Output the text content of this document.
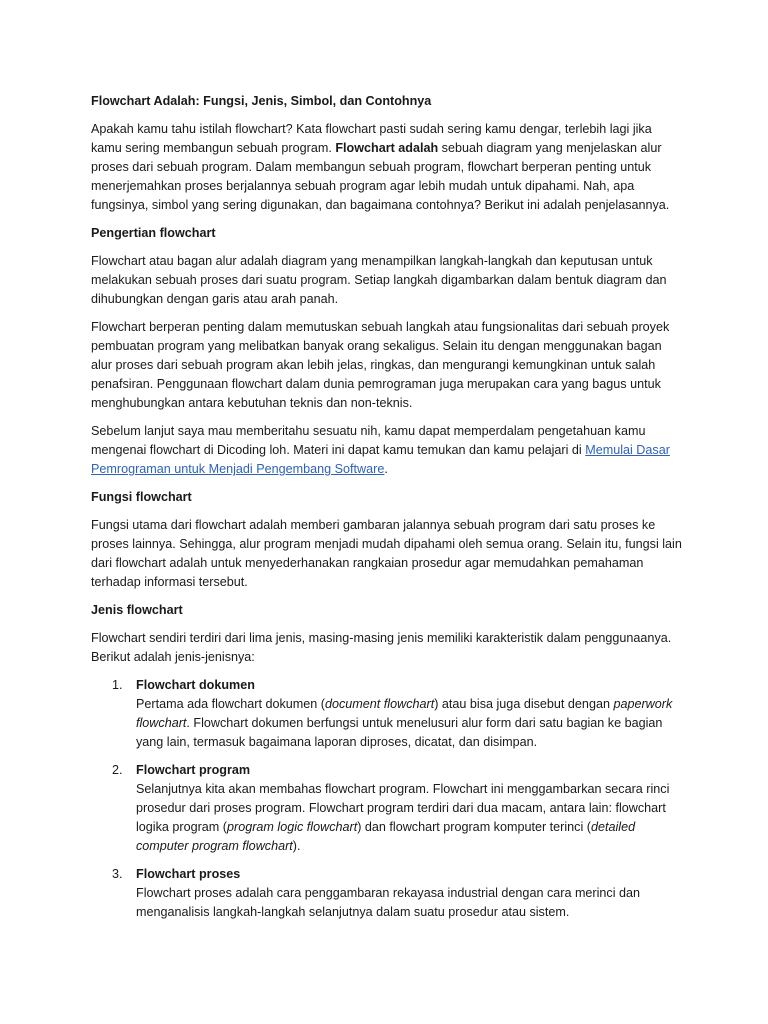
Flowchart Adalah: Fungsi, Jenis, Simbol, dan Contohnya

Apakah kamu tahu istilah flowchart? Kata flowchart pasti sudah sering kamu dengar, terlebih lagi jika kamu sering membangun sebuah program. Flowchart adalah sebuah diagram yang menjelaskan alur proses dari sebuah program. Dalam membangun sebuah program, flowchart berperan penting untuk menerjemahkan proses berjalannya sebuah program agar lebih mudah untuk dipahami. Nah, apa fungsinya, simbol yang sering digunakan, dan bagaimana contohnya? Berikut ini adalah penjelasannya.

Pengertian flowchart

Flowchart atau bagan alur adalah diagram yang menampilkan langkah-langkah dan keputusan untuk melakukan sebuah proses dari suatu program. Setiap langkah digambarkan dalam bentuk diagram dan dihubungkan dengan garis atau arah panah.

Flowchart berperan penting dalam memutuskan sebuah langkah atau fungsionalitas dari sebuah proyek pembuatan program yang melibatkan banyak orang sekaligus. Selain itu dengan menggunakan bagan alur proses dari sebuah program akan lebih jelas, ringkas, dan mengurangi kemungkinan untuk salah penafsiran. Penggunaan flowchart dalam dunia pemrograman juga merupakan cara yang bagus untuk menghubungkan antara kebutuhan teknis dan non-teknis.

Sebelum lanjut saya mau memberitahu sesuatu nih, kamu dapat memperdalam pengetahuan kamu mengenai flowchart di Dicoding loh. Materi ini dapat kamu temukan dan kamu pelajari di Memulai Dasar Pemrograman untuk Menjadi Pengembang Software.

Fungsi flowchart

Fungsi utama dari flowchart adalah memberi gambaran jalannya sebuah program dari satu proses ke proses lainnya. Sehingga, alur program menjadi mudah dipahami oleh semua orang. Selain itu, fungsi lain dari flowchart adalah untuk menyederhanakan rangkaian prosedur agar memudahkan pemahaman terhadap informasi tersebut.

Jenis flowchart

Flowchart sendiri terdiri dari lima jenis, masing-masing jenis memiliki karakteristik dalam penggunaanya. Berikut adalah jenis-jenisnya:

1. Flowchart dokumen
Pertama ada flowchart dokumen (document flowchart) atau bisa juga disebut dengan paperwork flowchart. Flowchart dokumen berfungsi untuk menelusuri alur form dari satu bagian ke bagian yang lain, termasuk bagaimana laporan diproses, dicatat, dan disimpan.
2. Flowchart program
Selanjutnya kita akan membahas flowchart program. Flowchart ini menggambarkan secara rinci prosedur dari proses program. Flowchart program terdiri dari dua macam, antara lain: flowchart logika program (program logic flowchart) dan flowchart program komputer terinci (detailed computer program flowchart).
3. Flowchart proses
Flowchart proses adalah cara penggambaran rekayasa industrial dengan cara merinci dan menganalisis langkah-langkah selanjutnya dalam suatu prosedur atau sistem.
